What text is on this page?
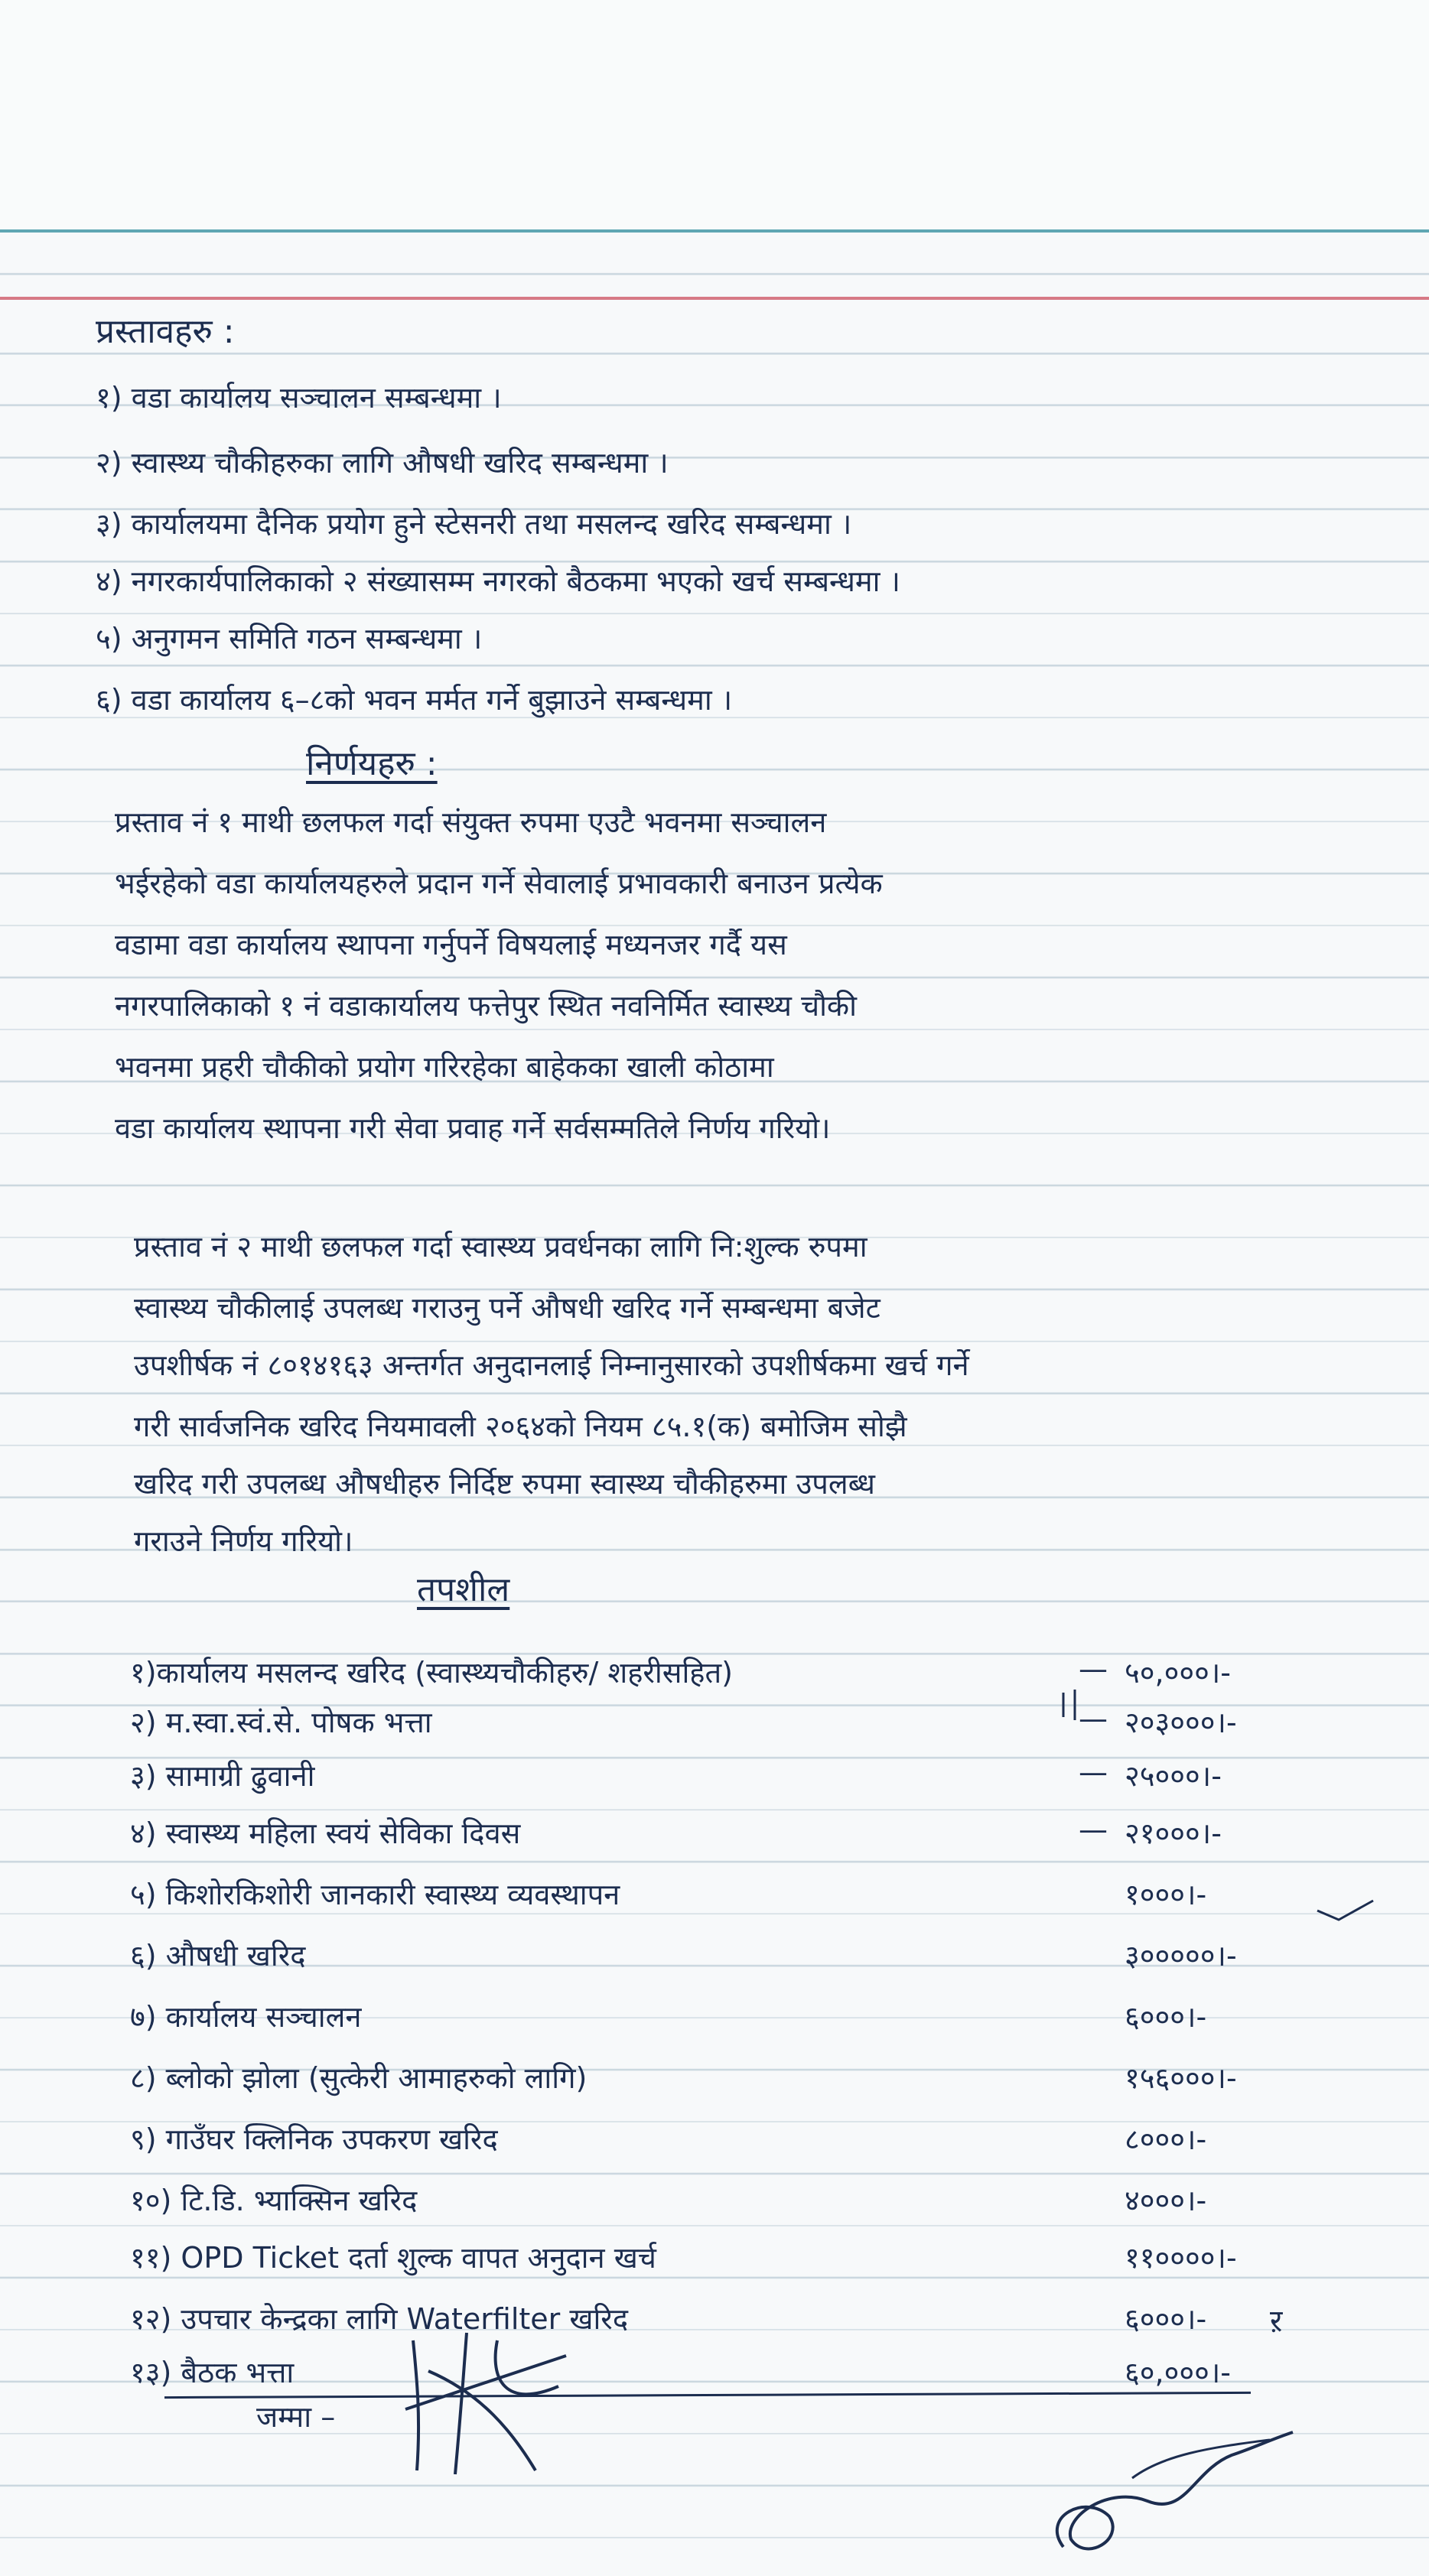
प्रस्तावहरु :
१) वडा कार्यालय सञ्चालन सम्बन्धमा ।
२) स्वास्थ्य चौकीहरुका लागि औषधी खरिद सम्बन्धमा ।
३) कार्यालयमा दैनिक प्रयोग हुने स्टेसनरी तथा मसलन्द खरिद सम्बन्धमा ।
४) नगरकार्यपालिकाको २ संख्यासम्म नगरको बैठकमा भएको खर्च सम्बन्धमा ।
५) अनुगमन समिति गठन सम्बन्धमा ।
६) वडा कार्यालय ६–८को भवन मर्मत गर्ने बुझाउने सम्बन्धमा ।
निर्णयहरु :
प्रस्ताव नं १ माथी छलफल गर्दा संयुक्त रुपमा एउटै भवनमा सञ्चालन
भईरहेको वडा कार्यालयहरुले प्रदान गर्ने सेवालाई प्रभावकारी बनाउन प्रत्येक
वडामा वडा कार्यालय स्थापना गर्नुपर्ने विषयलाई मध्यनजर गर्दै यस
नगरपालिकाको १ नं वडाकार्यालय फत्तेपुर स्थित नवनिर्मित स्वास्थ्य चौकी
भवनमा प्रहरी चौकीको प्रयोग गरिरहेका बाहेकका खाली कोठामा
वडा कार्यालय स्थापना गरी सेवा प्रवाह गर्ने सर्वसम्मतिले निर्णय गरियो।
प्रस्ताव नं २ माथी छलफल गर्दा स्वास्थ्य प्रवर्धनका लागि नि:शुल्क रुपमा
स्वास्थ्य चौकीलाई उपलब्ध गराउनु पर्ने औषधी खरिद गर्ने सम्बन्धमा बजेट
उपशीर्षक नं ८०१४१६३ अन्तर्गत अनुदानलाई निम्नानुसारको उपशीर्षकमा खर्च गर्ने
गरी सार्वजनिक खरिद नियमावली २०६४को नियम ८५.१(क) बमोजिम सोझै
खरिद गरी उपलब्ध औषधीहरु निर्दिष्ट रुपमा स्वास्थ्य चौकीहरुमा उपलब्ध
गराउने निर्णय गरियो।
तपशील
१)कार्यालय मसलन्द खरिद (स्वास्थ्यचौकीहरु/ शहरीसहित)	— ५०,०००।-
२) म.स्वा.स्वं.से. पोषक भत्ता	— २०३०००।-
३) सामाग्री ढुवानी	— २५०००।-
४) स्वास्थ्य महिला स्वयं सेविका दिवस	— २१०००।-
५) किशोरकिशोरी जानकारी स्वास्थ्य व्यवस्थापन	१०००।-
६) औषधी खरिद	३०००००।-
७) कार्यालय सञ्चालन	६०००।-
८) ब्लोको झोला (सुत्केरी आमाहरुको लागि)	१५६०००।-
९) गाउँघर क्लिनिक उपकरण खरिद	८०००।-
१०) टि.डि. भ्याक्सिन खरिद	४०००।-
११) OPD Ticket दर्ता शुल्क वापत अनुदान खर्च	११००००।-
१२) उपचार केन्द्रका लागि Waterfilter खरिद	६०००।-
१३) बैठक भत्ता	६०,०००।-
ऱ
जम्मा –
